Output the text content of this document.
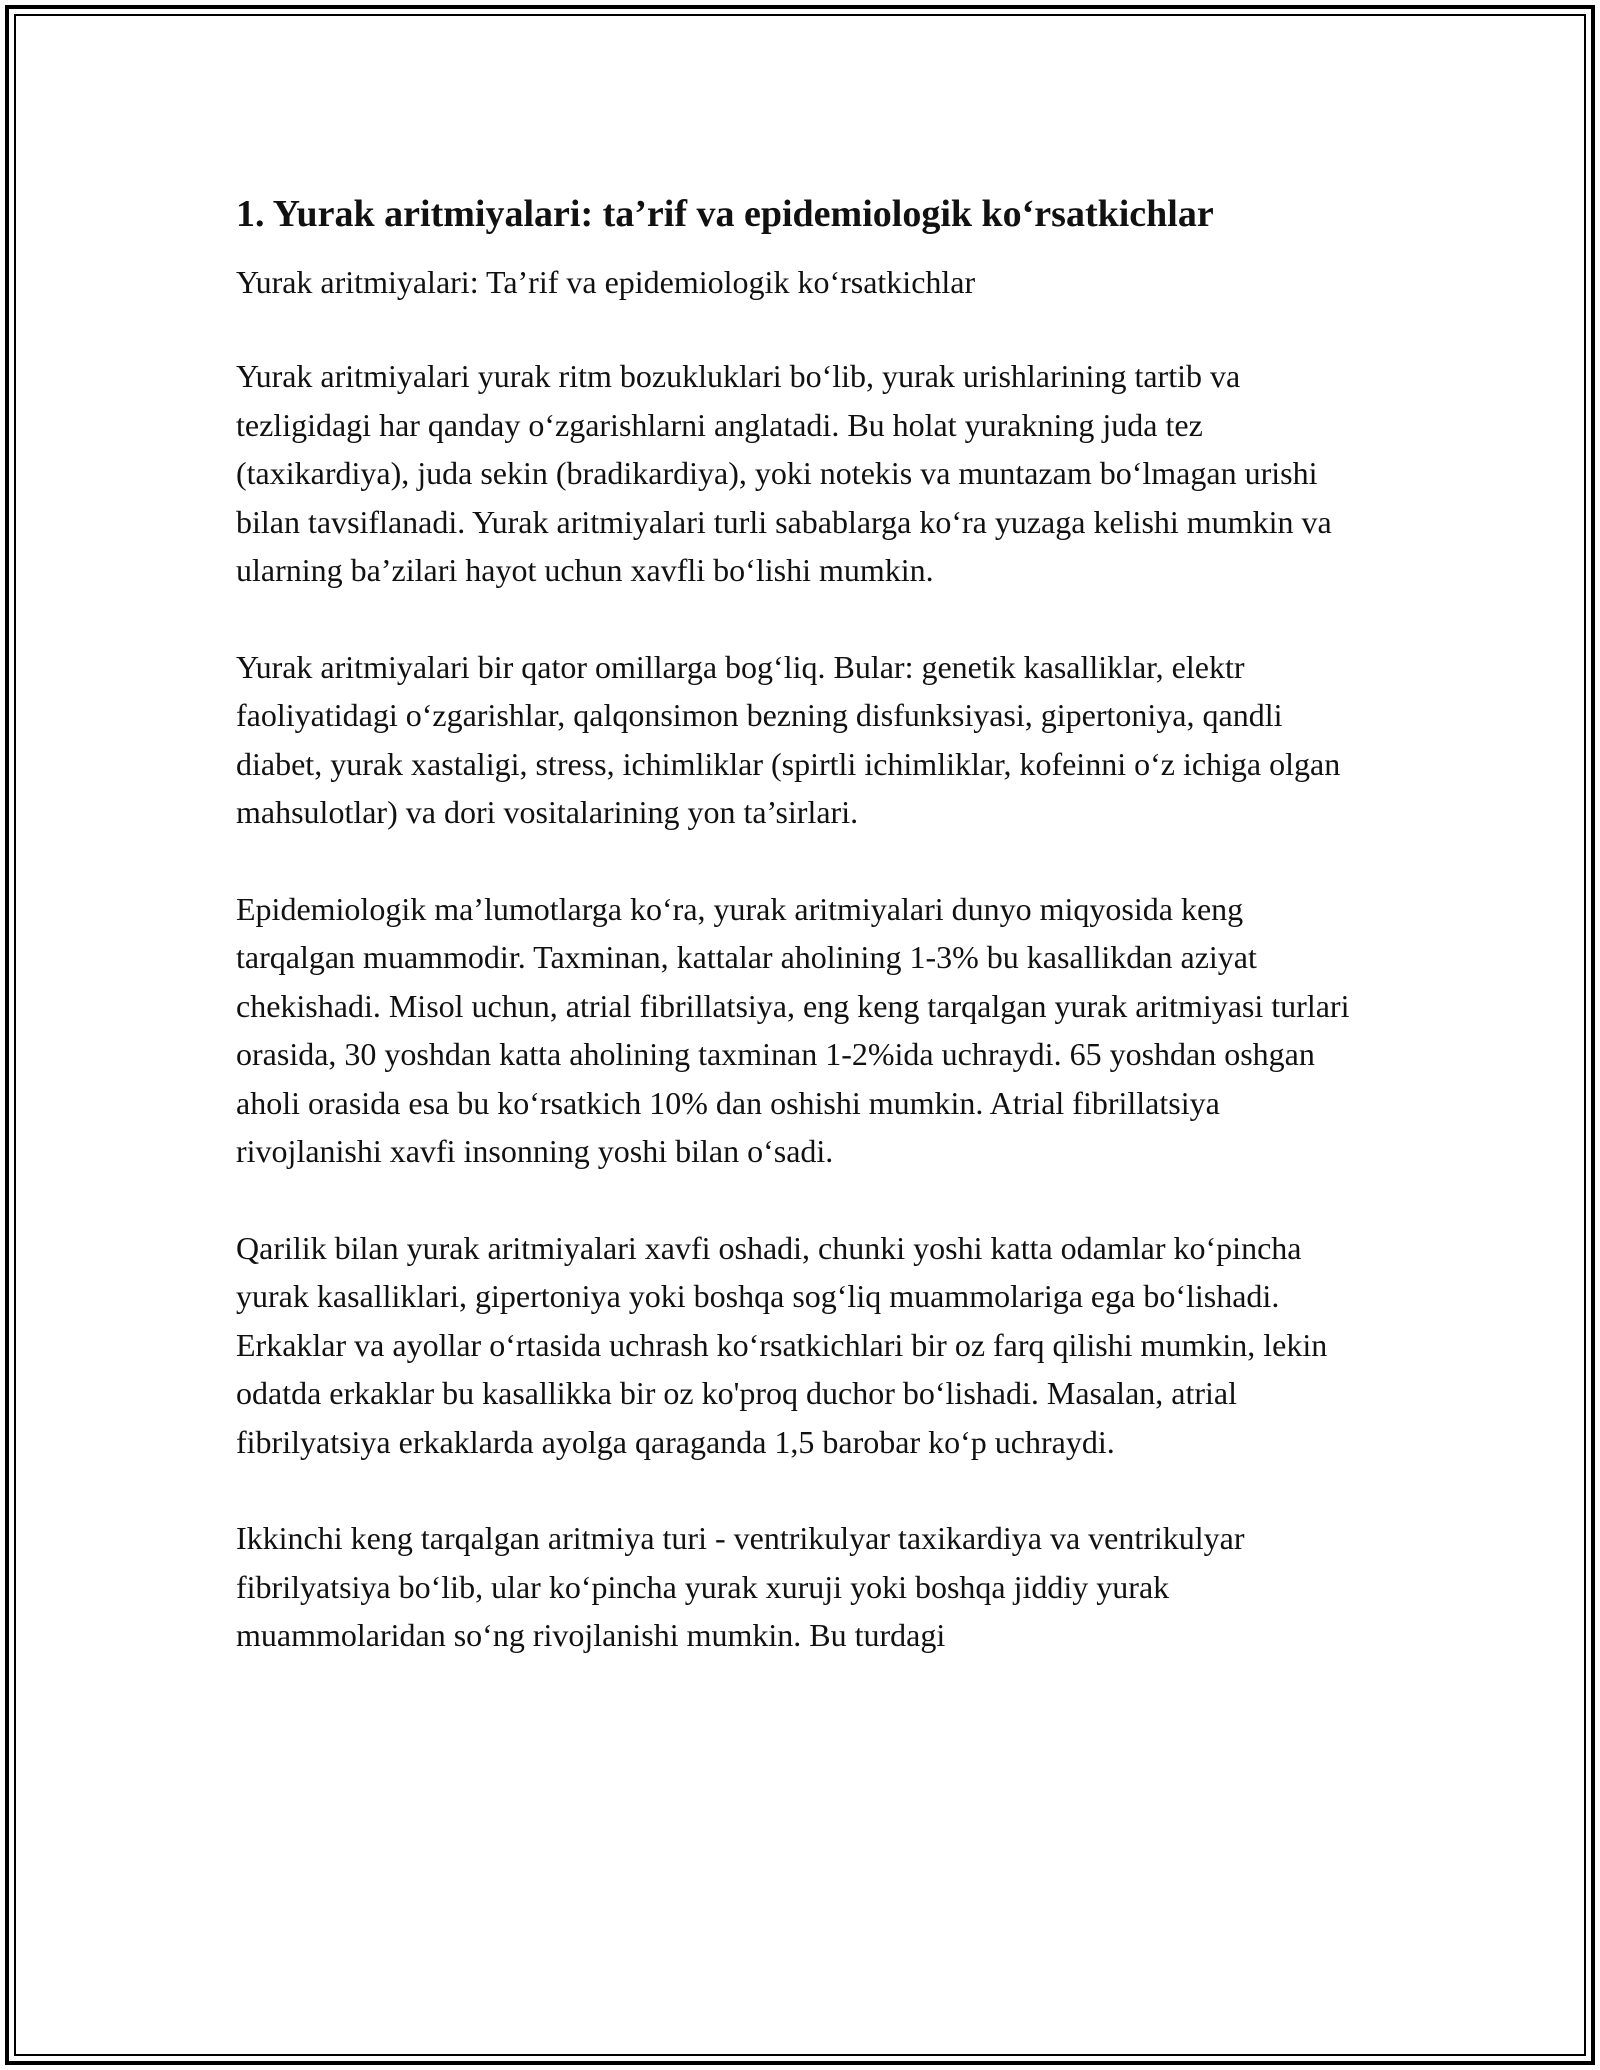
1. Yurak aritmiyalari: ta’rif va epidemiologik koʻrsatkichlar

Yurak aritmiyalari: Ta’rif va epidemiologik koʻrsatkichlar

Yurak aritmiyalari yurak ritm bozukluklari boʻlib, yurak urishlarining tartib va tezligidagi har qanday oʻzgarishlarni anglatadi. Bu holat yurakning juda tez (taxikardiya), juda sekin (bradikardiya), yoki notekis va muntazam boʻlmagan urishi bilan tavsiflanadi. Yurak aritmiyalari turli sabablarga koʻra yuzaga kelishi mumkin va ularning ba’zilari hayot uchun xavfli boʻlishi mumkin.

Yurak aritmiyalari bir qator omillarga bogʻliq. Bular: genetik kasalliklar, elektr faoliyatidagi oʻzgarishlar, qalqonsimon bezning disfunksiyasi, gipertoniya, qandli diabet, yurak xastaligi, stress, ichimliklar (spirtli ichimliklar, kofeinni oʻz ichiga olgan mahsulotlar) va dori vositalarining yon ta’sirlari.

Epidemiologik ma’lumotlarga koʻra, yurak aritmiyalari dunyo miqyosida keng tarqalgan muammodir. Taxminan, kattalar aholining 1-3% bu kasallikdan aziyat chekishadi. Misol uchun, atrial fibrillatsiya, eng keng tarqalgan yurak aritmiyasi turlari orasida, 30 yoshdan katta aholining taxminan 1-2%ida uchraydi. 65 yoshdan oshgan aholi orasida esa bu koʻrsatkich 10% dan oshishi mumkin. Atrial fibrillatsiya rivojlanishi xavfi insonning yoshi bilan oʻsadi.

Qarilik bilan yurak aritmiyalari xavfi oshadi, chunki yoshi katta odamlar koʻpincha yurak kasalliklari, gipertoniya yoki boshqa sogʻliq muammolariga ega boʻlishadi. Erkaklar va ayollar oʻrtasida uchrash koʻrsatkichlari bir oz farq qilishi mumkin, lekin odatda erkaklar bu kasallikka bir oz ko'proq duchor boʻlishadi. Masalan, atrial fibrilyatsiya erkaklarda ayolga qaraganda 1,5 barobar koʻp uchraydi.

Ikkinchi keng tarqalgan aritmiya turi - ventrikulyar taxikardiya va ventrikulyar fibrilyatsiya boʻlib, ular koʻpincha yurak xuruji yoki boshqa jiddiy yurak muammolaridan soʻng rivojlanishi mumkin. Bu turdagi
